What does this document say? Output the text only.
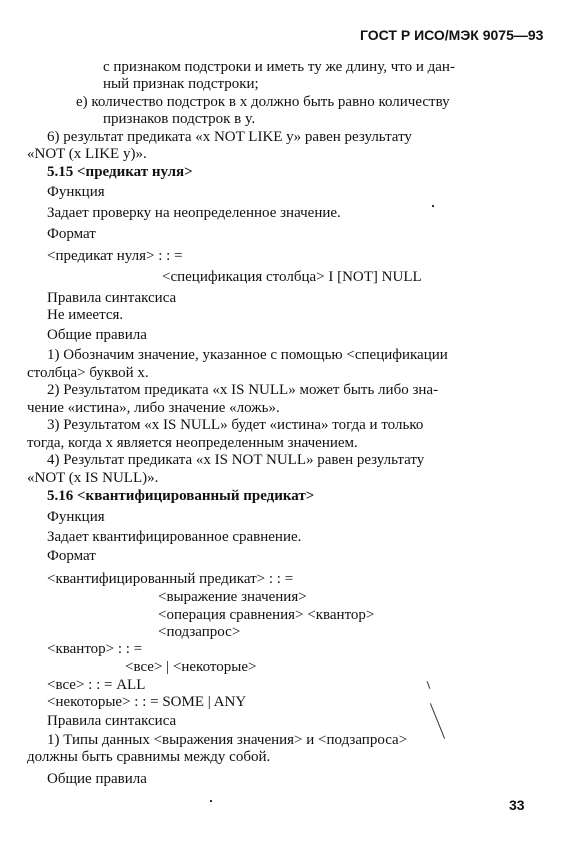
ГОСТ Р ИСО/МЭК 9075—93
с признаком подстроки и иметь ту же длину, что и дан-
ный признак подстроки;
e) количество подстрок в x должно быть равно количеству
признаков подстрок в y.
6) результат предиката «x NOT LIKE y» равен результату
«NOT (x LIKE y)».
5.15 <предикат нуля>
Функция
Задает проверку на неопределенное значение.
Формат
<предикат нуля> : : =
<спецификация столбца> I [NOT] NULL
Правила синтаксиса
Не имеется.
Общие правила
1) Обозначим значение, указанное с помощью <спецификации
столбца> буквой x.
2) Результатом предиката «x IS NULL» может быть либо зна-
чение «истина», либо значение «ложь».
3) Результатом «x IS NULL» будет «истина» тогда и только
тогда, когда x является неопределенным значением.
4) Результат предиката «x IS NOT NULL» равен результату
«NOT (x IS NULL)».
5.16 <квантифицированный предикат>
Функция
Задает квантифицированное сравнение.
Формат
<квантифицированный предикат> : : =
<выражение значения>
<операция сравнения> <квантор>
<подзапрос>
<квантор> : : =
<все> | <некоторые>
<все> : : = ALL
<некоторые> : : = SOME | ANY
Правила синтаксиса
1) Типы данных <выражения значения> и <подзапроса>
должны быть сравнимы между собой.
Общие правила
33
